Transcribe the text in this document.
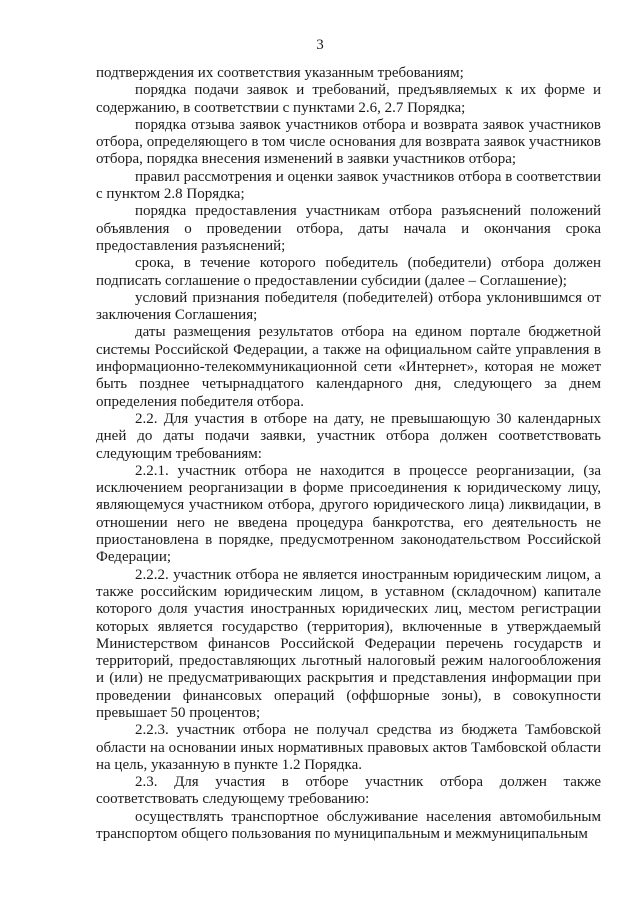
3

подтверждения их соответствия указанным требованиям;

порядка подачи заявок и требований, предъявляемых к их форме и содержанию, в соответствии с пунктами 2.6, 2.7 Порядка;

порядка отзыва заявок участников отбора и возврата заявок участников отбора, определяющего в том числе основания для возврата заявок участников отбора, порядка внесения изменений в заявки участников отбора;

правил рассмотрения и оценки заявок участников отбора в соответствии с пунктом 2.8 Порядка;

порядка предоставления участникам отбора разъяснений положений объявления о проведении отбора, даты начала и окончания срока предоставления разъяснений;

срока, в течение которого победитель (победители) отбора должен подписать соглашение о предоставлении субсидии (далее – Соглашение);

условий признания победителя (победителей) отбора уклонившимся от заключения Соглашения;

даты размещения результатов отбора на едином портале бюджетной системы Российской Федерации, а также на официальном сайте управления в информационно-телекоммуникационной сети «Интернет», которая не может быть позднее четырнадцатого календарного дня, следующего за днем определения победителя отбора.

2.2. Для участия в отборе на дату, не превышающую 30 календарных дней до даты подачи заявки, участник отбора должен соответствовать следующим требованиям:

2.2.1. участник отбора не находится в процессе реорганизации, (за исключением реорганизации в форме присоединения к юридическому лицу, являющемуся участником отбора, другого юридического лица) ликвидации, в отношении него не введена процедура банкротства, его деятельность не приостановлена в порядке, предусмотренном законодательством Российской Федерации;

2.2.2. участник отбора не является иностранным юридическим лицом, а также российским юридическим лицом, в уставном (складочном) капитале которого доля участия иностранных юридических лиц, местом регистрации которых является государство (территория), включенные в утверждаемый Министерством финансов Российской Федерации перечень государств и территорий, предоставляющих льготный налоговый режим налогообложения и (или) не предусматривающих раскрытия и представления информации при проведении финансовых операций (оффшорные зоны), в совокупности превышает 50 процентов;

2.2.3. участник отбора не получал средства из бюджета Тамбовской области на основании иных нормативных правовых актов Тамбовской области на цель, указанную в пункте 1.2 Порядка.

2.3. Для участия в отборе участник отбора должен также соответствовать следующему требованию:

осуществлять транспортное обслуживание населения автомобильным транспортом общего пользования по муниципальным и межмуниципальным
